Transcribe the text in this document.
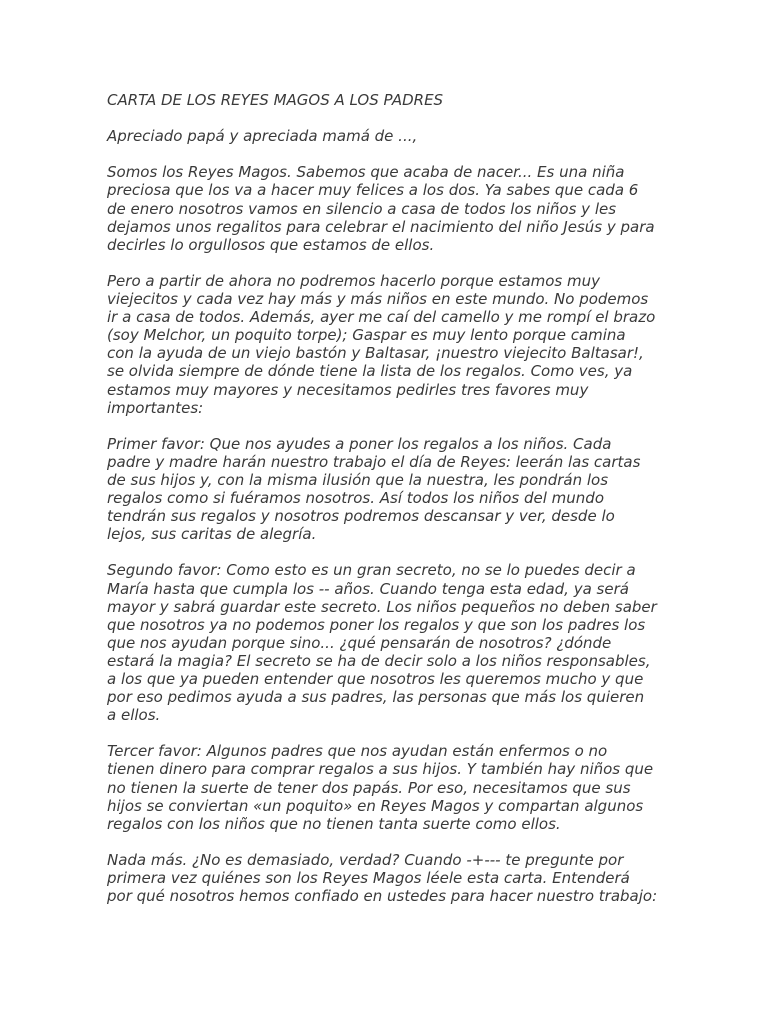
CARTA DE LOS REYES MAGOS A LOS PADRES

Apreciado papá y apreciada mamá de ...,

Somos los Reyes Magos. Sabemos que acaba de nacer... Es una niña
preciosa que los va a hacer muy felices a los dos. Ya sabes que cada 6
de enero nosotros vamos en silencio a casa de todos los niños y les
dejamos unos regalitos para celebrar el nacimiento del niño Jesús y para
decirles lo orgullosos que estamos de ellos.

Pero a partir de ahora no podremos hacerlo porque estamos muy
viejecitos y cada vez hay más y más niños en este mundo. No podemos
ir a casa de todos. Además, ayer me caí del camello y me rompí el brazo
(soy Melchor, un poquito torpe); Gaspar es muy lento porque camina
con la ayuda de un viejo bastón y Baltasar, ¡nuestro viejecito Baltasar!,
se olvida siempre de dónde tiene la lista de los regalos. Como ves, ya
estamos muy mayores y necesitamos pedirles tres favores muy
importantes:

Primer favor: Que nos ayudes a poner los regalos a los niños. Cada
padre y madre harán nuestro trabajo el día de Reyes: leerán las cartas
de sus hijos y, con la misma ilusión que la nuestra, les pondrán los
regalos como si fuéramos nosotros. Así todos los niños del mundo
tendrán sus regalos y nosotros podremos descansar y ver, desde lo
lejos, sus caritas de alegría.

Segundo favor: Como esto es un gran secreto, no se lo puedes decir a
María hasta que cumpla los -- años. Cuando tenga esta edad, ya será
mayor y sabrá guardar este secreto. Los niños pequeños no deben saber
que nosotros ya no podemos poner los regalos y que son los padres los
que nos ayudan porque sino... ¿qué pensarán de nosotros? ¿dónde
estará la magia? El secreto se ha de decir solo a los niños responsables,
a los que ya pueden entender que nosotros les queremos mucho y que
por eso pedimos ayuda a sus padres, las personas que más los quieren
a ellos.

Tercer favor: Algunos padres que nos ayudan están enfermos o no
tienen dinero para comprar regalos a sus hijos. Y también hay niños que
no tienen la suerte de tener dos papás. Por eso, necesitamos que sus
hijos se conviertan «un poquito» en Reyes Magos y compartan algunos
regalos con los niños que no tienen tanta suerte como ellos.

Nada más. ¿No es demasiado, verdad? Cuando -+--- te pregunte por
primera vez quiénes son los Reyes Magos léele esta carta. Entenderá
por qué nosotros hemos confiado en ustedes para hacer nuestro trabajo:
